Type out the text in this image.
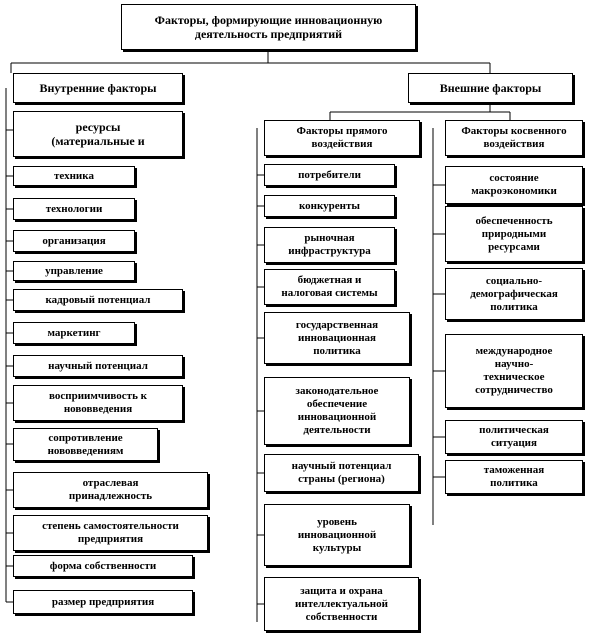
Факторы, формирующие инновационную
деятельность предприятий
Внутренние факторы
ресурсы
(материальные и
техника
технологии
организация
управление
кадровый потенциал
маркетинг
научный потенциал
восприимчивость к
нововведения
сопротивление
нововведениям
отраслевая
принадлежность
степень самостоятельности
предприятия
форма собственности
размер предприятия
Внешние факторы
Факторы прямого
воздействия
потребители
конкуренты
рыночная
инфраструктура
бюджетная и
налоговая системы
государственная
инновационная
политика
законодательное
обеспечение
инновационной
деятельности
научный потенциал
страны (региона)
уровень
инновационной
культуры
защита и охрана
интеллектуальной
собственности
Факторы косвенного
воздействия
состояние
макроэкономики
обеспеченность
природными
ресурсами
социально-
демографическая
политика
международное
научно-
техническое
сотрудничество
политическая
ситуация
таможенная
политика
